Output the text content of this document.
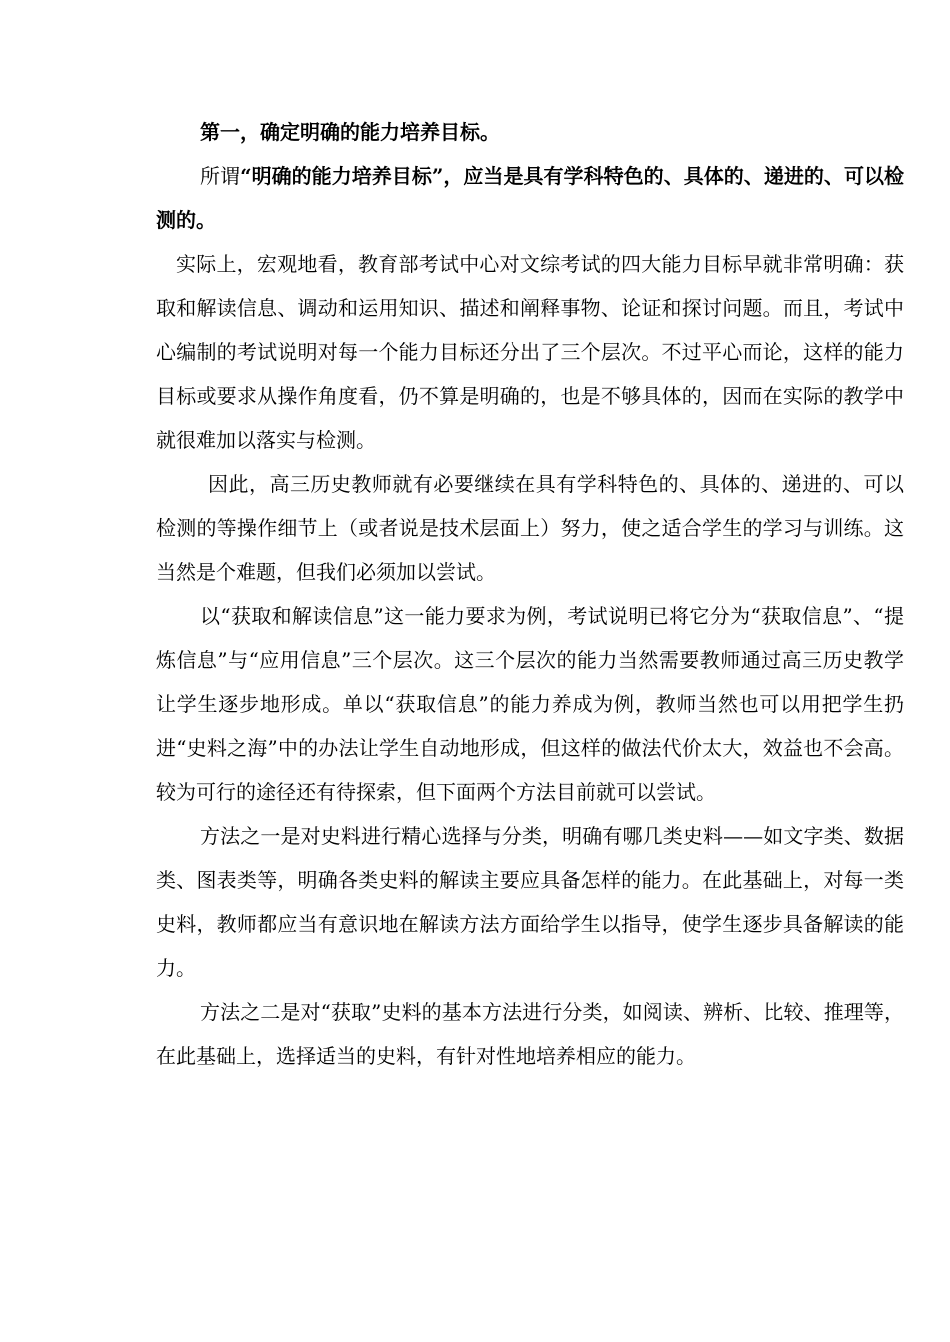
第一，确定明确的能力培养目标。

所谓“明确的能力培养目标”，应当是具有学科特色的、具体的、递进的、可以检测的。

实际上，宏观地看，教育部考试中心对文综考试的四大能力目标早就非常明确：获取和解读信息、调动和运用知识、描述和阐释事物、论证和探讨问题。而且，考试中心编制的考试说明对每一个能力目标还分出了三个层次。不过平心而论，这样的能力目标或要求从操作角度看，仍不算是明确的，也是不够具体的，因而在实际的教学中就很难加以落实与检测。

因此，高三历史教师就有必要继续在具有学科特色的、具体的、递进的、可以检测的等操作细节上（或者说是技术层面上）努力，使之适合学生的学习与训练。这当然是个难题，但我们必须加以尝试。

以“获取和解读信息”这一能力要求为例，考试说明已将它分为“获取信息”、“提炼信息”与“应用信息”三个层次。这三个层次的能力当然需要教师通过高三历史教学让学生逐步地形成。单以“获取信息”的能力养成为例，教师当然也可以用把学生扔进“史料之海”中的办法让学生自动地形成，但这样的做法代价太大，效益也不会高。较为可行的途径还有待探索，但下面两个方法目前就可以尝试。

方法之一是对史料进行精心选择与分类，明确有哪几类史料——如文字类、数据类、图表类等，明确各类史料的解读主要应具备怎样的能力。在此基础上，对每一类史料，教师都应当有意识地在解读方法方面给学生以指导，使学生逐步具备解读的能力。

方法之二是对“获取”史料的基本方法进行分类，如阅读、辨析、比较、推理等，在此基础上，选择适当的史料，有针对性地培养相应的能力。
